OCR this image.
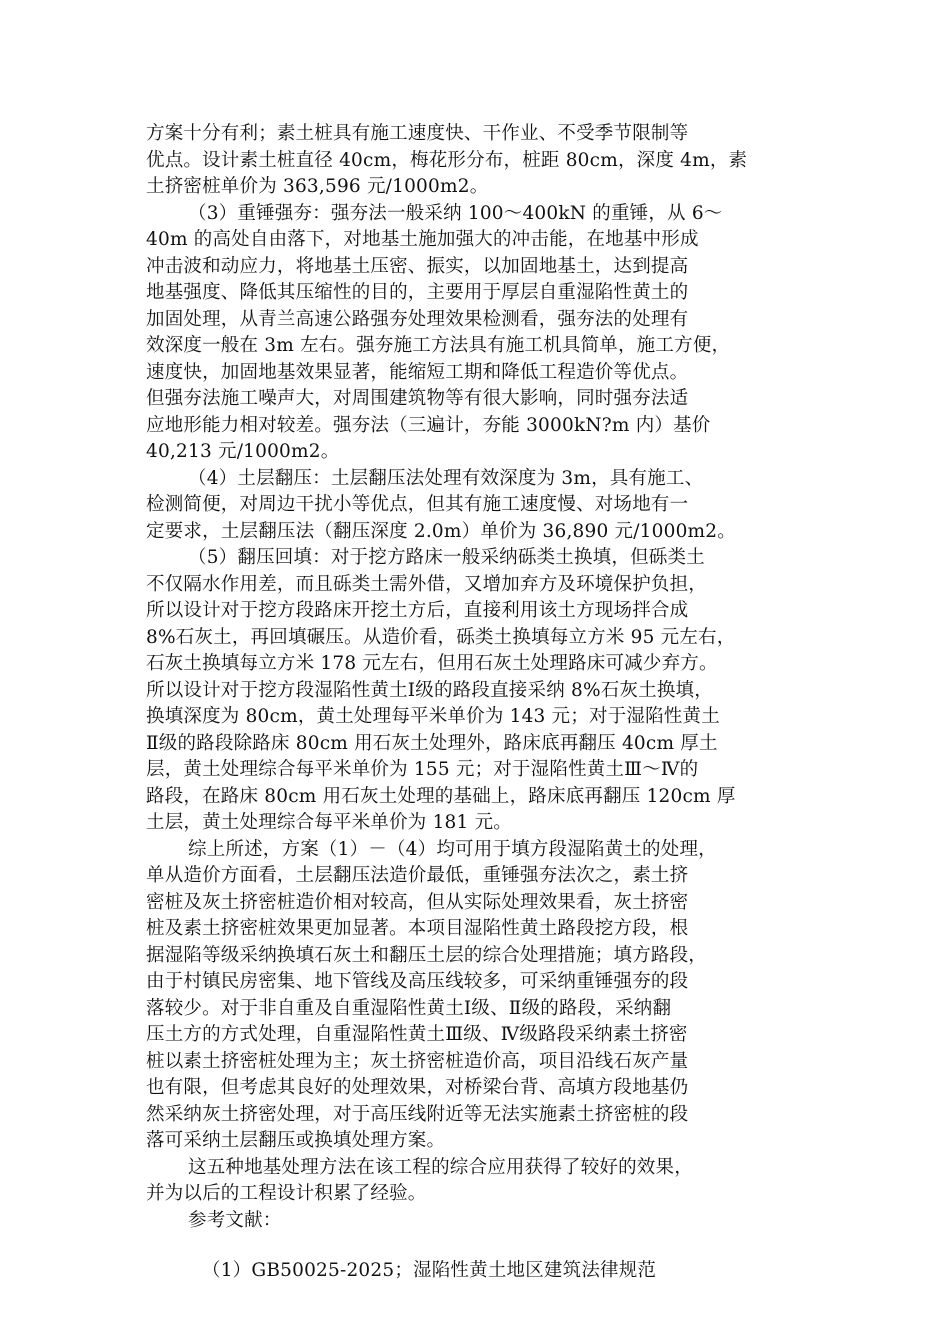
方案十分有利；素土桩具有施工速度快、干作业、不受季节限制等
优点。设计素土桩直径 40cm，梅花形分布，桩距 80cm，深度 4m，素
土挤密桩单价为 363,596 元/1000m2。
（3）重锤强夯：强夯法一般采纳 100～400kN 的重锤，从 6～
40m 的高处自由落下，对地基土施加强大的冲击能，在地基中形成
冲击波和动应力，将地基土压密、振实，以加固地基土，达到提高
地基强度、降低其压缩性的目的，主要用于厚层自重湿陷性黄土的
加固处理，从青兰高速公路强夯处理效果检测看，强夯法的处理有
效深度一般在 3m 左右。强夯施工方法具有施工机具简单，施工方便，
速度快，加固地基效果显著，能缩短工期和降低工程造价等优点。
但强夯法施工噪声大，对周围建筑物等有很大影响，同时强夯法适
应地形能力相对较差。强夯法（三遍计，夯能 3000kN?m 内）基价
40,213 元/1000m2。
（4）土层翻压：土层翻压法处理有效深度为 3m，具有施工、
检测简便，对周边干扰小等优点，但其有施工速度慢、对场地有一
定要求，土层翻压法（翻压深度 2.0m）单价为 36,890 元/1000m2。
（5）翻压回填：对于挖方路床一般采纳砾类土换填，但砾类土
不仅隔水作用差，而且砾类土需外借，又增加弃方及环境保护负担，
所以设计对于挖方段路床开挖土方后，直接利用该土方现场拌合成
8%石灰土，再回填碾压。从造价看，砾类土换填每立方米 95 元左右，
石灰土换填每立方米 178 元左右，但用石灰土处理路床可减少弃方。
所以设计对于挖方段湿陷性黄土Ⅰ级的路段直接采纳 8%石灰土换填，
换填深度为 80cm，黄土处理每平米单价为 143 元；对于湿陷性黄土
Ⅱ级的路段除路床 80cm 用石灰土处理外，路床底再翻压 40cm 厚土
层，黄土处理综合每平米单价为 155 元；对于湿陷性黄土Ⅲ～Ⅳ的
路段，在路床 80cm 用石灰土处理的基础上，路床底再翻压 120cm 厚
土层，黄土处理综合每平米单价为 181 元。
综上所述，方案（1）－（4）均可用于填方段湿陷黄土的处理，
单从造价方面看，土层翻压法造价最低，重锤强夯法次之，素土挤
密桩及灰土挤密桩造价相对较高，但从实际处理效果看，灰土挤密
桩及素土挤密桩效果更加显著。本项目湿陷性黄土路段挖方段，根
据湿陷等级采纳换填石灰土和翻压土层的综合处理措施；填方路段，
由于村镇民房密集、地下管线及高压线较多，可采纳重锤强夯的段
落较少。对于非自重及自重湿陷性黄土Ⅰ级、Ⅱ级的路段，采纳翻
压土方的方式处理，自重湿陷性黄土Ⅲ级、Ⅳ级路段采纳素土挤密
桩以素土挤密桩处理为主；灰土挤密桩造价高，项目沿线石灰产量
也有限，但考虑其良好的处理效果，对桥梁台背、高填方段地基仍
然采纳灰土挤密处理，对于高压线附近等无法实施素土挤密桩的段
落可采纳土层翻压或换填处理方案。
这五种地基处理方法在该工程的综合应用获得了较好的效果，
并为以后的工程设计积累了经验。
参考文献：
（1）GB50025-2025；湿陷性黄土地区建筑法律规范
